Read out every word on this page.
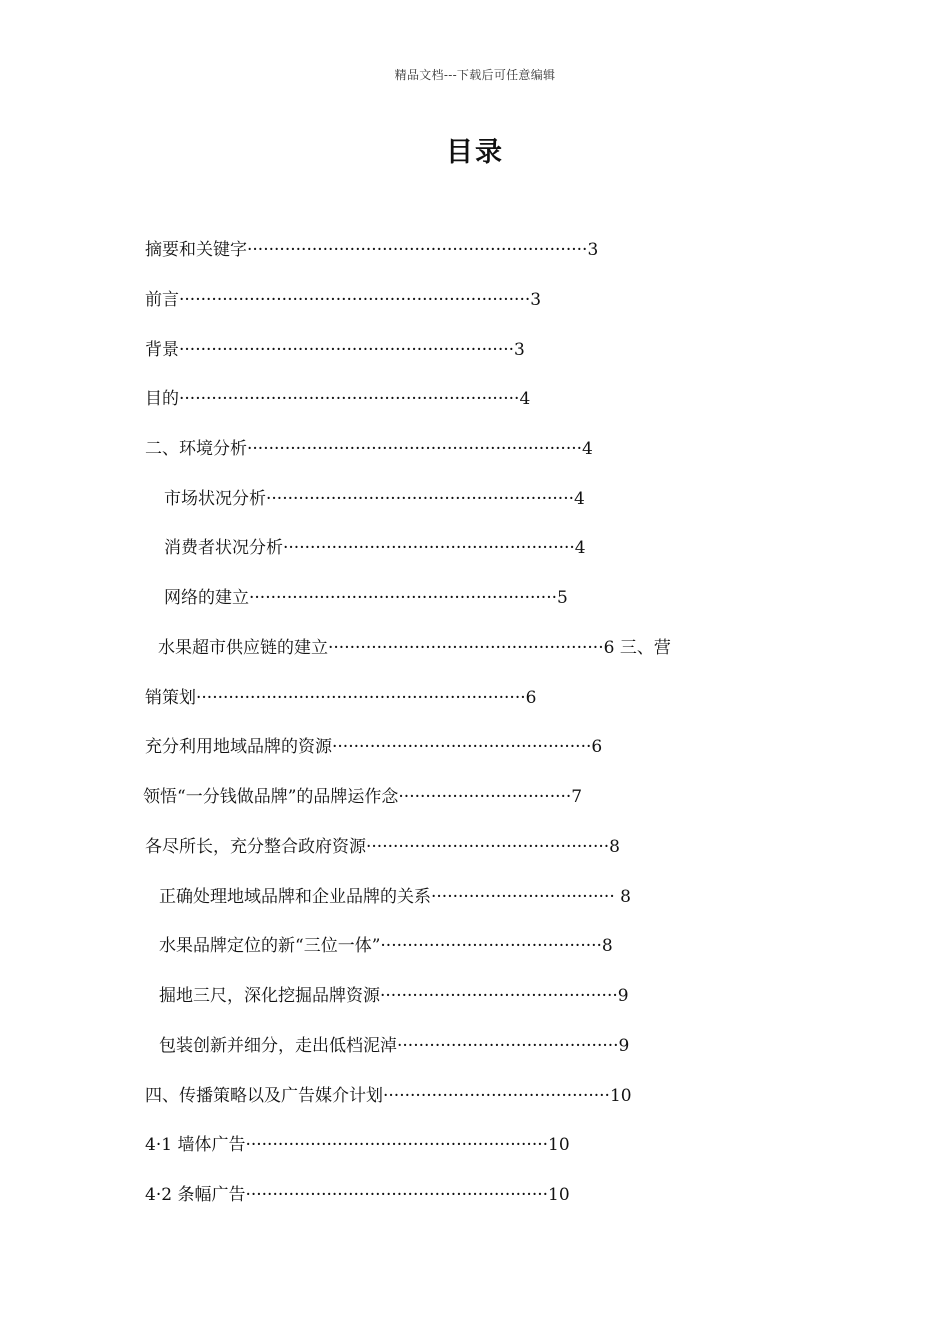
精品文档---下载后可任意编辑
目录
摘要和关键字·······························································3
前言·································································3
背景······························································3
目的·······························································4
二、环境分析······························································4
市场状况分析·························································4
消费者状况分析······················································4
网络的建立·························································5
水果超市供应链的建立···················································6 三、营
销策划·····························································6
充分利用地域品牌的资源················································6
领悟“一分钱做品牌”的品牌运作念································7
各尽所长，充分整合政府资源·············································8
正确处理地域品牌和企业品牌的关系·································· 8
水果品牌定位的新“三位一体”·········································8
掘地三尺，深化挖掘品牌资源············································9
包装创新并细分，走出低档泥淖·········································9
四、传播策略以及广告媒介计划··········································10
4·1 墙体广告························································10
4·2 条幅广告························································10
